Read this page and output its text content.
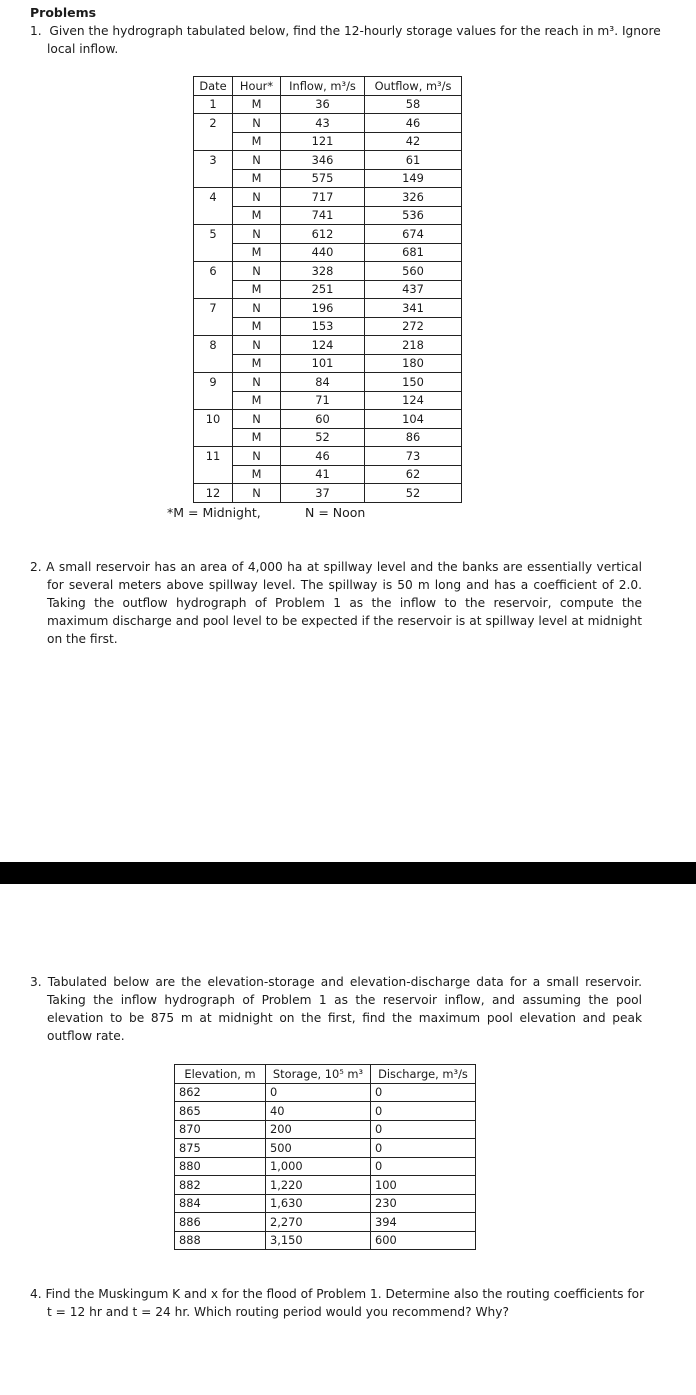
Problems
1. Given the hydrograph tabulated below, find the 12-hourly storage values for the reach in m³. Ignore local inflow.
Date	Hour*	Inflow, m³/s	Outflow, m³/s
1	M	36	58
2	N	43	46
	M	121	42
3	N	346	61
	M	575	149
4	N	717	326
	M	741	536
5	N	612	674
	M	440	681
6	N	328	560
	M	251	437
7	N	196	341
	M	153	272
8	N	124	218
	M	101	180
9	N	84	150
	M	71	124
10	N	60	104
	M	52	86
11	N	46	73
	M	41	62
12	N	37	52
*M = Midnight,	N = Noon
2. A small reservoir has an area of 4,000 ha at spillway level and the banks are essentially vertical for several meters above spillway level. The spillway is 50 m long and has a coefficient of 2.0. Taking the outflow hydrograph of Problem 1 as the inflow to the reservoir, compute the maximum discharge and pool level to be expected if the reservoir is at spillway level at midnight on the first.
3. Tabulated below are the elevation-storage and elevation-discharge data for a small reservoir. Taking the inflow hydrograph of Problem 1 as the reservoir inflow, and assuming the pool elevation to be 875 m at midnight on the first, find the maximum pool elevation and peak outflow rate.
Elevation, m	Storage, 10⁵ m³	Discharge, m³/s
862	0	0
865	40	0
870	200	0
875	500	0
880	1,000	0
882	1,220	100
884	1,630	230
886	2,270	394
888	3,150	600
4. Find the Muskingum K and x for the flood of Problem 1. Determine also the routing coefficients for t = 12 hr and t = 24 hr. Which routing period would you recommend? Why?
